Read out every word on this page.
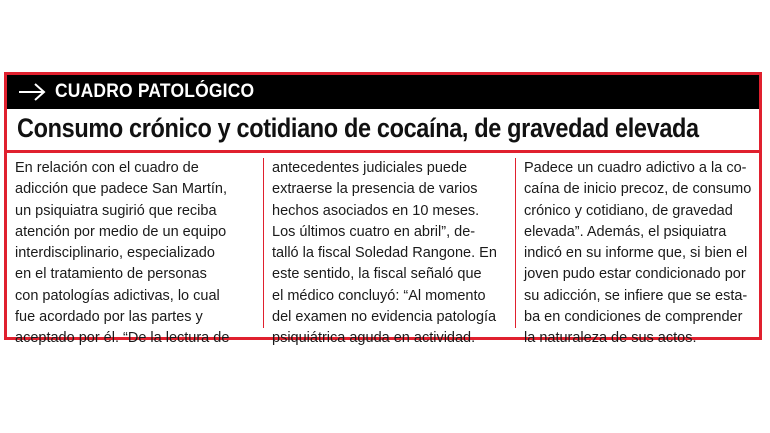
CUADRO PATOLÓGICO
Consumo crónico y cotidiano de cocaína, de gravedad elevada
En relación con el cuadro de
adicción que padece San Martín,
un psiquiatra sugirió que reciba
atención por medio de un equipo
interdisciplinario, especializado
en el tratamiento de personas
con patologías adictivas, lo cual
fue acordado por las partes y
aceptado por él. “De la lectura de
antecedentes judiciales puede
extraerse la presencia de varios
hechos asociados en 10 meses.
Los últimos cuatro en abril”, de-
talló la fiscal Soledad Rangone. En
este sentido, la fiscal señaló que
el médico concluyó: “Al momento
del examen no evidencia patología
psiquiátrica aguda en actividad.
Padece un cuadro adictivo a la co-
caína de inicio precoz, de consumo
crónico y cotidiano, de gravedad
elevada”. Además, el psiquiatra
indicó en su informe que, si bien el
joven pudo estar condicionado por
su adicción, se infiere que se esta-
ba en condiciones de comprender
la naturaleza de sus actos.
